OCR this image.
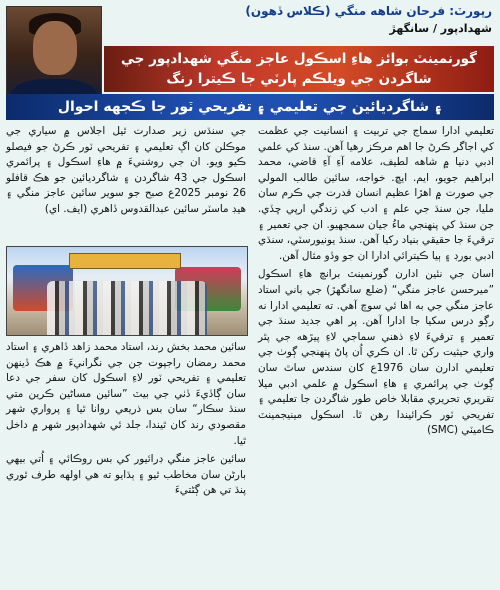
رپورٽ: فرحان شاهه منگي (ڪلاس ڏهون)
شهدادپور / سانگهڙ
گورنمينٽ بوائز هاءِ اسڪول عاجز منگي شهدادپور جي شاگردن جي ويلڪم پارٽي جا ڪيترا رنگ
۽ شاگرديائين جي تعليمي ۽ تفريحي ٽور جا ڪجهه احوال

تعليمي ادارا سماج جي تربيت ۽ انسانيت جي عظمت کي اجاگر ڪرڻ جا اهم مرڪز رهيا آهن. سنڌ کي علمي ادبي دنيا ۾ شاهه لطيف، علامه آءِ آءِ قاضي، محمد ابراهيم جويو، ايم. ايڇ. خواجه، سائين طالب المولي جي صورت ۾ اهڙا عظيم انسان قدرت جي ڪرم سان مليا، جن سنڌ جي علم ۽ ادب کي زندگي ارپي ڇڏي. جن سنڌ کي پنهنجي ماءُ جيان سمجهيو. ان جي تعمير ۽ ترقيءَ جا حقيقي بنياد رکيا آهن. سنڌ يونيورسٽي، سنڌي ادبي بورڊ ۽ ٻيا ڪيترائي ادارا ان جو وڏو مثال آهن.

اسان جي نئين ادارن گورنمينٽ برانچ هاءِ اسڪول ”ميرحسن عاجز منگي“ (ضلع سانگهڙ) جي باني استاد عاجز منگي جي به اها ئي سوچ آهي. ته تعليمي ادارا نه رڳو درس سکيا جا ادارا آهن. پر اهي جديد سنڌ جي تعمير ۽ ترقيءَ لاءِ ذهني سماجي لاءِ پيڙهه جي پٿر واري حيثيت رکن ٿا. ان ڪري اُن پاڻ پنهنجي ڳوٺ جي تعليمي ادارن سان 1976ع کان سندس ساٿ سان ڳوٺ جي پرائمري ۽ هاءِ اسڪول ۾ علمي ادبي ميلا تقريري تحريري مقابلا خاص طور شاگردن جا تعليمي ۽ تفريحي ٽور ڪرائيندا رهن ٿا. اسڪول مينيجمينٽ ڪاميٽي (SMC)

جي سنڌس زير صدارت ٿيل اجلاس ۾ سياري جي موڪلن کان اڳ تعليمي ۽ تفريحي ٽور ڪرڻ جو فيصلو ڪيو ويو. ان جي روشنيءَ ۾ هاءِ اسڪول ۽ پرائمري اسڪول جي 43 شاگردن ۽ شاگرديائين جو هڪ قافلو 26 نومبر 2025ع صبح جو سوير سائين عاجز منگي ۽ هيڊ ماسٽر سائين عبدالقدوس ڏاهري (ايف. اي)

سائين محمد بخش رند، استاد محمد زاهد ڏاهري ۽ استاد محمد رمضان راجپوت جن جي نگرانيءَ ۾ هڪ ڏينهن تعليمي ۽ تفريحي ٽور لاءِ اسڪول کان سفر جي دعا سان ڳاڏيءَ ڏٺي جي بيٽ ”سائين مساڻين ڪرين متي سنڌ سڪار“ سان بس ذريعي روانا ٿيا ۽ پرواري شهر مقصودي رند کان ٿيندا، جلد ئي شهدادپور شهر ۾ داخل ٿيا.

سائين عاجز منگي ڊرائيور کي بس روڪائي ۽ اُتي بيهي بارڻن سان مخاطب ٿيو ۽ ٻڌايو ته هي اولهه طرف ٿوري پنڌ تي هن ڳڻتيءَ
